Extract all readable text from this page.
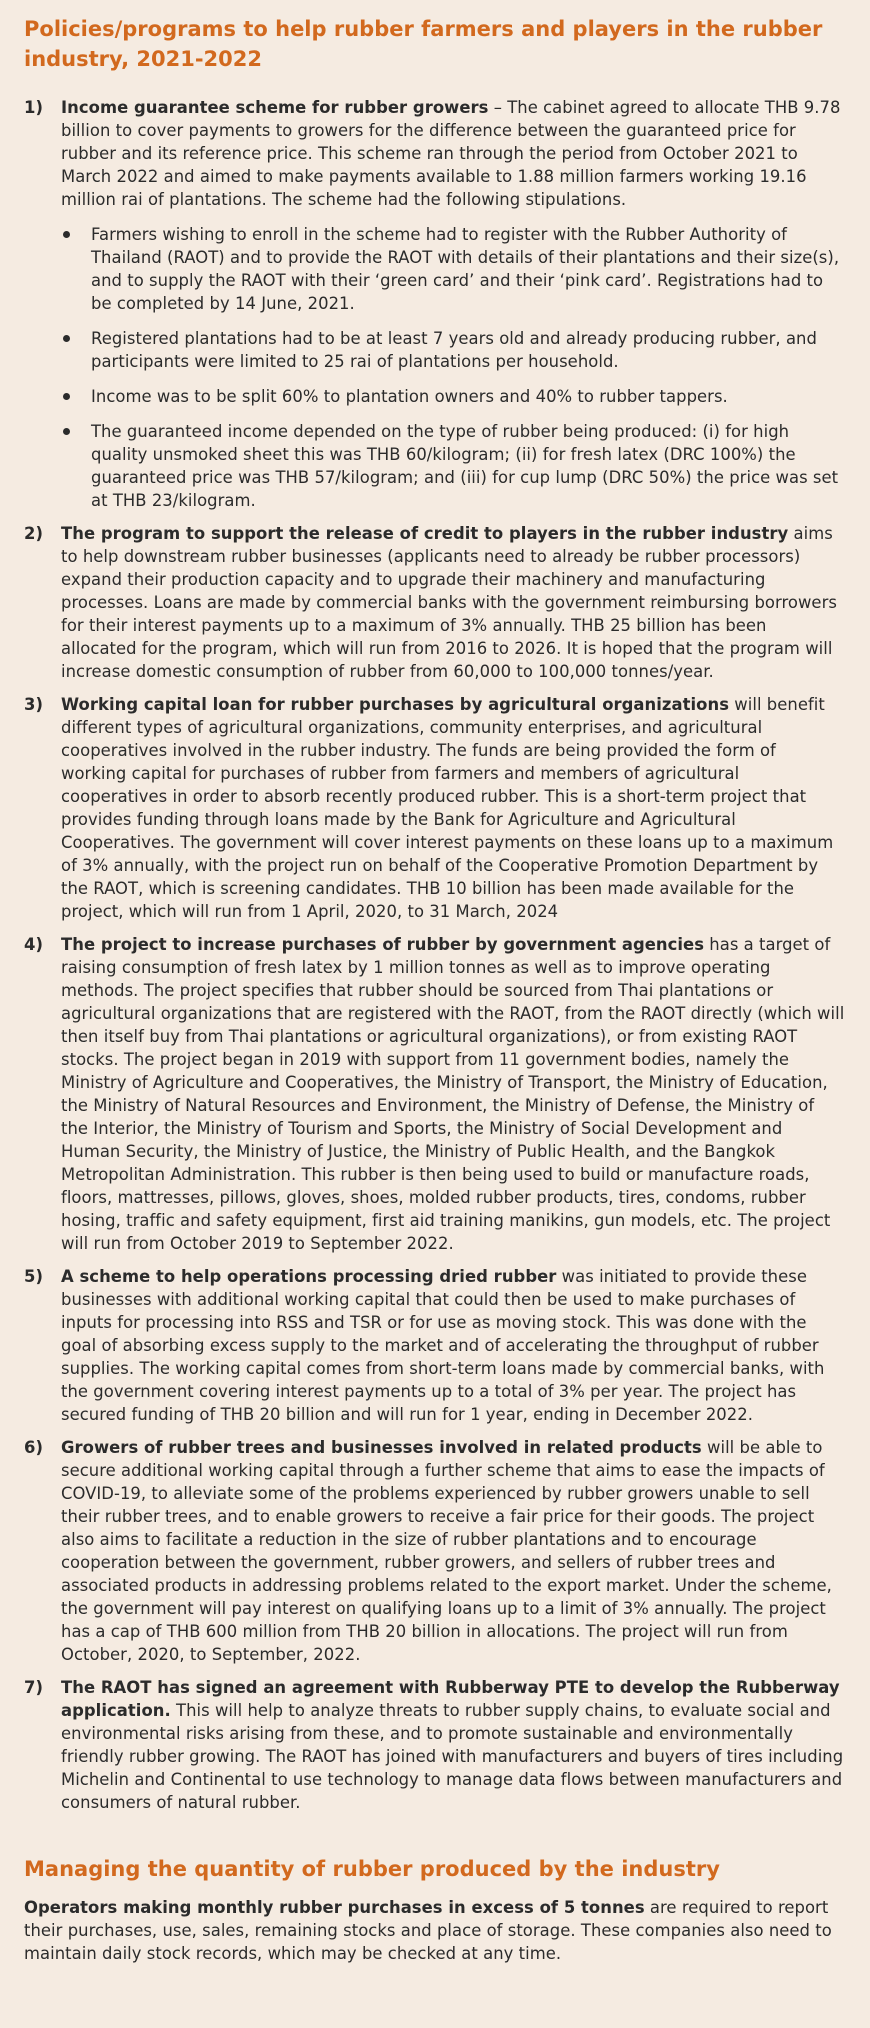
Policies/programs to help rubber farmers and players in the rubber industry, 2021-2022
1) Income guarantee scheme for rubber growers – The cabinet agreed to allocate THB 9.78 billion to cover payments to growers for the difference between the guaranteed price for rubber and its reference price. This scheme ran through the period from October 2021 to March 2022 and aimed to make payments available to 1.88 million farmers working 19.16 million rai of plantations. The scheme had the following stipulations.
Farmers wishing to enroll in the scheme had to register with the Rubber Authority of Thailand (RAOT) and to provide the RAOT with details of their plantations and their size(s), and to supply the RAOT with their ‘green card’ and their ‘pink card’. Registrations had to be completed by 14 June, 2021.
Registered plantations had to be at least 7 years old and already producing rubber, and participants were limited to 25 rai of plantations per household.
Income was to be split 60% to plantation owners and 40% to rubber tappers.
The guaranteed income depended on the type of rubber being produced: (i) for high quality unsmoked sheet this was THB 60/kilogram; (ii) for fresh latex (DRC 100%) the guaranteed price was THB 57/kilogram; and (iii) for cup lump (DRC 50%) the price was set at THB 23/kilogram.
2) The program to support the release of credit to players in the rubber industry aims to help downstream rubber businesses (applicants need to already be rubber processors) expand their production capacity and to upgrade their machinery and manufacturing processes. Loans are made by commercial banks with the government reimbursing borrowers for their interest payments up to a maximum of 3% annually. THB 25 billion has been allocated for the program, which will run from 2016 to 2026. It is hoped that the program will increase domestic consumption of rubber from 60,000 to 100,000 tonnes/year.
3) Working capital loan for rubber purchases by agricultural organizations will benefit different types of agricultural organizations, community enterprises, and agricultural cooperatives involved in the rubber industry. The funds are being provided the form of working capital for purchases of rubber from farmers and members of agricultural cooperatives in order to absorb recently produced rubber. This is a short-term project that provides funding through loans made by the Bank for Agriculture and Agricultural Cooperatives. The government will cover interest payments on these loans up to a maximum of 3% annually, with the project run on behalf of the Cooperative Promotion Department by the RAOT, which is screening candidates. THB 10 billion has been made available for the project, which will run from 1 April, 2020, to 31 March, 2024
4) The project to increase purchases of rubber by government agencies has a target of raising consumption of fresh latex by 1 million tonnes as well as to improve operating methods. The project specifies that rubber should be sourced from Thai plantations or agricultural organizations that are registered with the RAOT, from the RAOT directly (which will then itself buy from Thai plantations or agricultural organizations), or from existing RAOT stocks. The project began in 2019 with support from 11 government bodies, namely the Ministry of Agriculture and Cooperatives, the Ministry of Transport, the Ministry of Education, the Ministry of Natural Resources and Environment, the Ministry of Defense, the Ministry of the Interior, the Ministry of Tourism and Sports, the Ministry of Social Development and Human Security, the Ministry of Justice, the Ministry of Public Health, and the Bangkok Metropolitan Administration. This rubber is then being used to build or manufacture roads, floors, mattresses, pillows, gloves, shoes, molded rubber products, tires, condoms, rubber hosing, traffic and safety equipment, first aid training manikins, gun models, etc. The project will run from October 2019 to September 2022.
5) A scheme to help operations processing dried rubber was initiated to provide these businesses with additional working capital that could then be used to make purchases of inputs for processing into RSS and TSR or for use as moving stock. This was done with the goal of absorbing excess supply to the market and of accelerating the throughput of rubber supplies. The working capital comes from short-term loans made by commercial banks, with the government covering interest payments up to a total of 3% per year. The project has secured funding of THB 20 billion and will run for 1 year, ending in December 2022.
6) Growers of rubber trees and businesses involved in related products will be able to secure additional working capital through a further scheme that aims to ease the impacts of COVID-19, to alleviate some of the problems experienced by rubber growers unable to sell their rubber trees, and to enable growers to receive a fair price for their goods. The project also aims to facilitate a reduction in the size of rubber plantations and to encourage cooperation between the government, rubber growers, and sellers of rubber trees and associated products in addressing problems related to the export market. Under the scheme, the government will pay interest on qualifying loans up to a limit of 3% annually. The project has a cap of THB 600 million from THB 20 billion in allocations. The project will run from October, 2020, to September, 2022.
7) The RAOT has signed an agreement with Rubberway PTE to develop the Rubberway application. This will help to analyze threats to rubber supply chains, to evaluate social and environmental risks arising from these, and to promote sustainable and environmentally friendly rubber growing. The RAOT has joined with manufacturers and buyers of tires including Michelin and Continental to use technology to manage data flows between manufacturers and consumers of natural rubber.
Managing the quantity of rubber produced by the industry
Operators making monthly rubber purchases in excess of 5 tonnes are required to report their purchases, use, sales, remaining stocks and place of storage. These companies also need to maintain daily stock records, which may be checked at any time.
